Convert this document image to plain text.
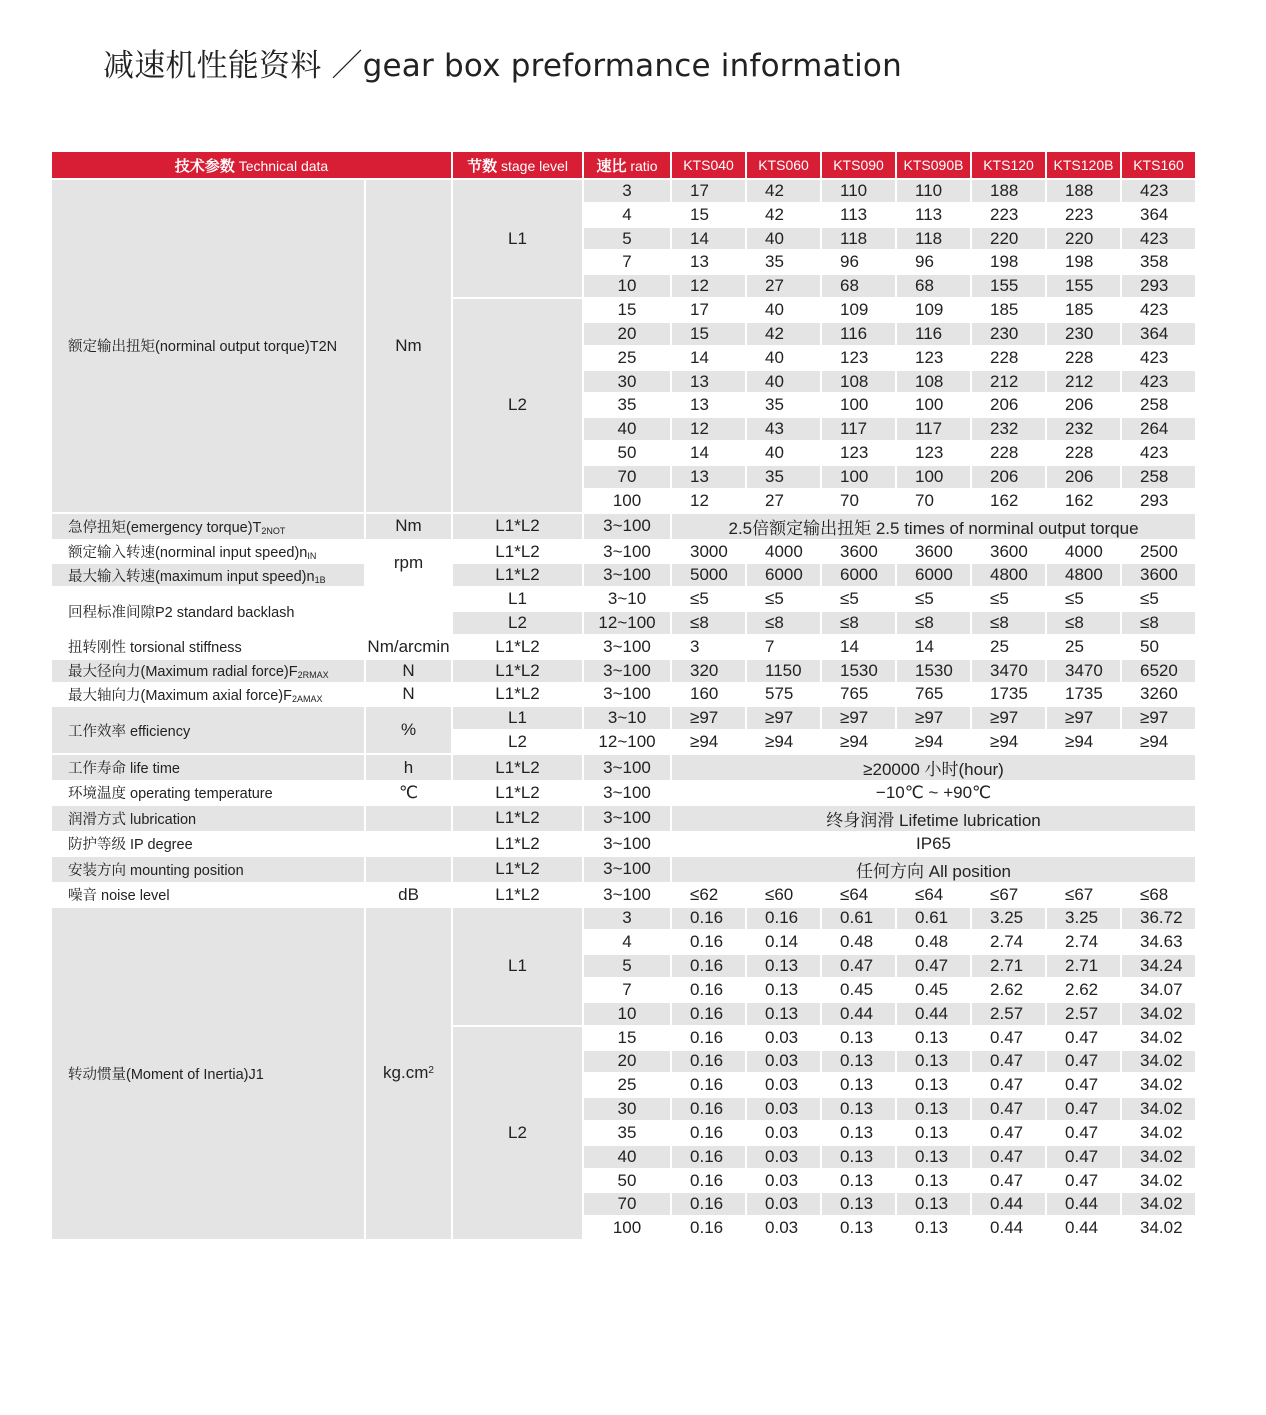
减速机性能资料 ／gear box preformance information
技术参数 Technical data		节数 stage level	速比 ratio	KTS040	KTS060	KTS090	KTS090B	KTS120	KTS120B	KTS160
额定输出扭矩(norminal output torque)T2N	Nm	L1	3	17	42	110	110	188	188	423
			4	15	42	113	113	223	223	364
			5	14	40	118	118	220	220	423
			7	13	35	96	96	198	198	358
			10	12	27	68	68	155	155	293
		L2	15	17	40	109	109	185	185	423
			20	15	42	116	116	230	230	364
			25	14	40	123	123	228	228	423
			30	13	40	108	108	212	212	423
			35	13	35	100	100	206	206	258
			40	12	43	117	117	232	232	264
			50	14	40	123	123	228	228	423
			70	13	35	100	100	206	206	258
			100	12	27	70	70	162	162	293
急停扭矩(emergency $torque)T_{2NOT}$	Nm	L1*L2	3~100	2.5倍额定输出扭矩 2.5 times of norminal output torque						
额定输入转速(norminal input $speed)n_{IN}$	rpm	L1*L2	3~100	3000	4000	3600	3600	3600	4000	2500
最大输入转速(maximum input $speed)n_{1B}$		L1*L2	3~100	5000	6000	6000	6000	4800	4800	3600
回程标准间隙P2 standard backlash		L1	3~10	≤5	≤5	≤5	≤5	≤5	≤5	≤5
		L2	12~100	≤8	≤8	≤8	≤8	≤8	≤8	≤8
扭转刚性 torsional stiffness	Nm/arcmin	L1*L2	3~100	3	7	14	14	25	25	50
最大径向力(Maximum radial $force)F_{2RMAX}$	N	L1*L2	3~100	320	1150	1530	1530	3470	3470	6520
最大轴向力(Maximum axial $force)F_{2AMAX}$	N	L1*L2	3~100	160	575	765	765	1735	1735	3260
工作效率 efficiency	%	L1	3~10	≥97	≥97	≥97	≥97	≥97	≥97	≥97
		L2	12~100	≥94	≥94	≥94	≥94	≥94	≥94	≥94
工作寿命 life time	h	L1*L2	3~100	≥20000 小时(hour)						
环境温度 operating temperature	℃	L1*L2	3~100	−10℃ ~ +90℃						
润滑方式 lubrication		L1*L2	3~100	终身润滑 Lifetime lubrication						
防护等级 IP degree		L1*L2	3~100	IP65						
安装方向 mounting position		L1*L2	3~100	任何方向 All position						
噪音 noise level	dB	L1*L2	3~100	≤62	≤60	≤64	≤64	≤67	≤67	≤68
转动惯量(Moment of Inertia)J1	$kg.cm^2$	L1	3	0.16	0.16	0.61	0.61	3.25	3.25	36.72
			4	0.16	0.14	0.48	0.48	2.74	2.74	34.63
			5	0.16	0.13	0.47	0.47	2.71	2.71	34.24
			7	0.16	0.13	0.45	0.45	2.62	2.62	34.07
			10	0.16	0.13	0.44	0.44	2.57	2.57	34.02
		L2	15	0.16	0.03	0.13	0.13	0.47	0.47	34.02
			20	0.16	0.03	0.13	0.13	0.47	0.47	34.02
			25	0.16	0.03	0.13	0.13	0.47	0.47	34.02
			30	0.16	0.03	0.13	0.13	0.47	0.47	34.02
			35	0.16	0.03	0.13	0.13	0.47	0.47	34.02
			40	0.16	0.03	0.13	0.13	0.47	0.47	34.02
			50	0.16	0.03	0.13	0.13	0.47	0.47	34.02
			70	0.16	0.03	0.13	0.13	0.44	0.44	34.02
			100	0.16	0.03	0.13	0.13	0.44	0.44	34.02
